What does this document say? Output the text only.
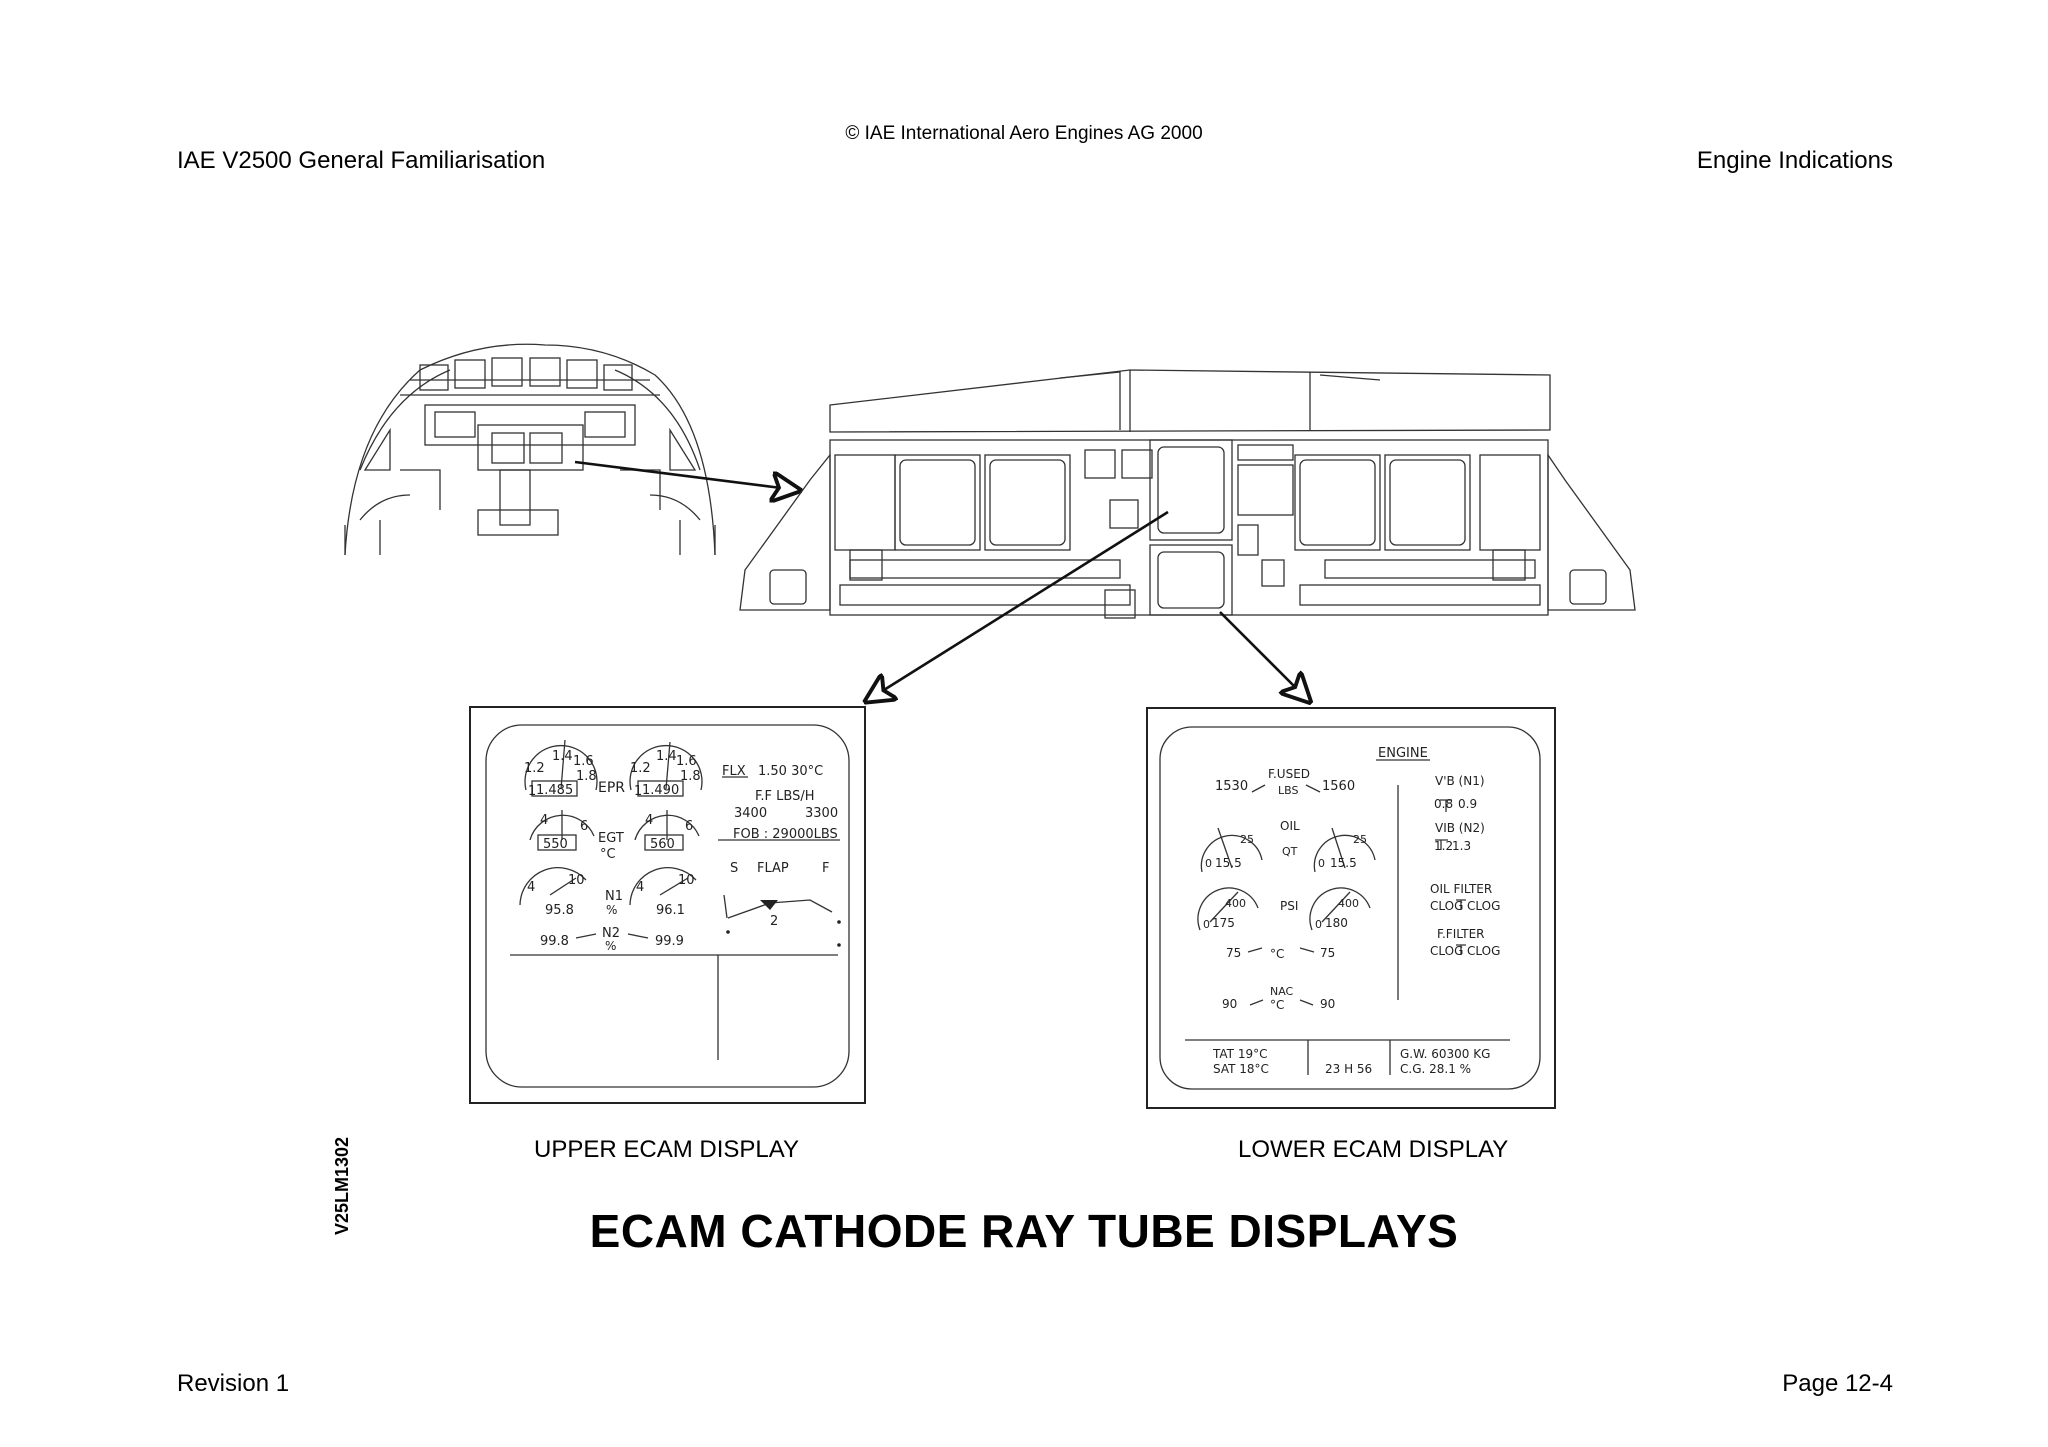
© IAE International Aero Engines AG 2000
IAE V2500 General Familiarisation	Engine Indications
1
1.2
1.4 1.6
1.8
1
1.2
1.4 1.6
1.8
1.485	1.490
EPR
4 6	4 6
550	560
EGT
°C
4	10	4	10
95.8	96.1
N1
%
99.8	99.9
N2
%
FLX 1.50 30°C
F.F LBS/H
3400	3300
FOB : 29000LBS
S FLAP	F
2
ENGINE
F.USED
LBS
1530	1560
25
0
25
0
15.5	15.5
OIL
QT
400
0
400
0
175	180
PSI
75 °C	75
NAC
°C
90	90
V'B (N1)
0.8 0.9
VIB (N2)
1.2
1.3
OIL FILTER
CLOG CLOG
F.FILTER
CLOG CLOG
TAT 19°C
SAT 18°C	23 H 56
G.W. 60300 KG
C.G. 28.1 %
UPPER ECAM DISPLAY	LOWER ECAM DISPLAY
V25LM1302	ECAM CATHODE RAY TUBE DISPLAYS
Revision 1	Page 12-4
